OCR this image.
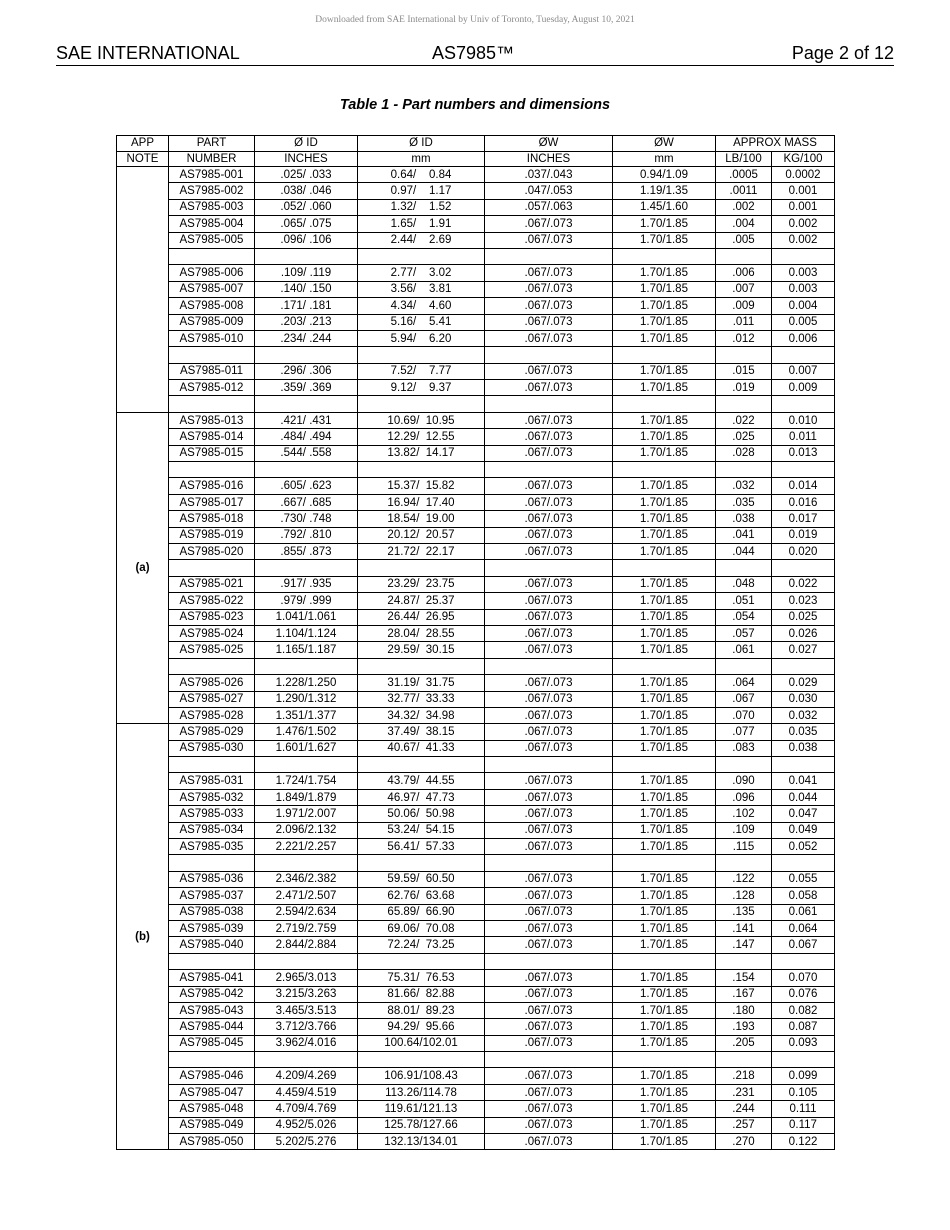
Downloaded from SAE International by Univ of Toronto, Tuesday, August 10, 2021
SAE INTERNATIONAL	AS7985™	Page 2 of 12
Table 1 - Part numbers and dimensions
APP	PART	Ø ID	Ø ID	ØW	ØW	APPROX MASS	
NOTE	NUMBER	INCHES	mm	INCHES	mm	LB/100	KG/100
	AS7985-001	.025/ .033	0.64/    0.84	.037/.043	0.94/1.09	.0005	0.0002
	AS7985-002	.038/ .046	0.97/    1.17	.047/.053	1.19/1.35	.0011	0.001
	AS7985-003	.052/ .060	1.32/    1.52	.057/.063	1.45/1.60	.002	0.001
	AS7985-004	.065/ .075	1.65/    1.91	.067/.073	1.70/1.85	.004	0.002
	AS7985-005	.096/ .106	2.44/    2.69	.067/.073	1.70/1.85	.005	0.002

	AS7985-006	.109/ .119	2.77/    3.02	.067/.073	1.70/1.85	.006	0.003
	AS7985-007	.140/ .150	3.56/    3.81	.067/.073	1.70/1.85	.007	0.003
	AS7985-008	.171/ .181	4.34/    4.60	.067/.073	1.70/1.85	.009	0.004
	AS7985-009	.203/ .213	5.16/    5.41	.067/.073	1.70/1.85	.011	0.005
	AS7985-010	.234/ .244	5.94/    6.20	.067/.073	1.70/1.85	.012	0.006

	AS7985-011	.296/ .306	7.52/    7.77	.067/.073	1.70/1.85	.015	0.007
	AS7985-012	.359/ .369	9.12/    9.37	.067/.073	1.70/1.85	.019	0.009

(a)	AS7985-013	.421/ .431	10.69/  10.95	.067/.073	1.70/1.85	.022	0.010
	AS7985-014	.484/ .494	12.29/  12.55	.067/.073	1.70/1.85	.025	0.011
	AS7985-015	.544/ .558	13.82/  14.17	.067/.073	1.70/1.85	.028	0.013

	AS7985-016	.605/ .623	15.37/  15.82	.067/.073	1.70/1.85	.032	0.014
	AS7985-017	.667/ .685	16.94/  17.40	.067/.073	1.70/1.85	.035	0.016
	AS7985-018	.730/ .748	18.54/  19.00	.067/.073	1.70/1.85	.038	0.017
	AS7985-019	.792/ .810	20.12/  20.57	.067/.073	1.70/1.85	.041	0.019
	AS7985-020	.855/ .873	21.72/  22.17	.067/.073	1.70/1.85	.044	0.020

	AS7985-021	.917/ .935	23.29/  23.75	.067/.073	1.70/1.85	.048	0.022
	AS7985-022	.979/ .999	24.87/  25.37	.067/.073	1.70/1.85	.051	0.023
	AS7985-023	1.041/1.061	26.44/  26.95	.067/.073	1.70/1.85	.054	0.025
	AS7985-024	1.104/1.124	28.04/  28.55	.067/.073	1.70/1.85	.057	0.026
	AS7985-025	1.165/1.187	29.59/  30.15	.067/.073	1.70/1.85	.061	0.027

	AS7985-026	1.228/1.250	31.19/  31.75	.067/.073	1.70/1.85	.064	0.029
	AS7985-027	1.290/1.312	32.77/  33.33	.067/.073	1.70/1.85	.067	0.030
	AS7985-028	1.351/1.377	34.32/  34.98	.067/.073	1.70/1.85	.070	0.032
(b)	AS7985-029	1.476/1.502	37.49/  38.15	.067/.073	1.70/1.85	.077	0.035
	AS7985-030	1.601/1.627	40.67/  41.33	.067/.073	1.70/1.85	.083	0.038

	AS7985-031	1.724/1.754	43.79/  44.55	.067/.073	1.70/1.85	.090	0.041
	AS7985-032	1.849/1.879	46.97/  47.73	.067/.073	1.70/1.85	.096	0.044
	AS7985-033	1.971/2.007	50.06/  50.98	.067/.073	1.70/1.85	.102	0.047
	AS7985-034	2.096/2.132	53.24/  54.15	.067/.073	1.70/1.85	.109	0.049
	AS7985-035	2.221/2.257	56.41/  57.33	.067/.073	1.70/1.85	.115	0.052

	AS7985-036	2.346/2.382	59.59/  60.50	.067/.073	1.70/1.85	.122	0.055
	AS7985-037	2.471/2.507	62.76/  63.68	.067/.073	1.70/1.85	.128	0.058
	AS7985-038	2.594/2.634	65.89/  66.90	.067/.073	1.70/1.85	.135	0.061
	AS7985-039	2.719/2.759	69.06/  70.08	.067/.073	1.70/1.85	.141	0.064
	AS7985-040	2.844/2.884	72.24/  73.25	.067/.073	1.70/1.85	.147	0.067

	AS7985-041	2.965/3.013	75.31/  76.53	.067/.073	1.70/1.85	.154	0.070
	AS7985-042	3.215/3.263	81.66/  82.88	.067/.073	1.70/1.85	.167	0.076
	AS7985-043	3.465/3.513	88.01/  89.23	.067/.073	1.70/1.85	.180	0.082
	AS7985-044	3.712/3.766	94.29/  95.66	.067/.073	1.70/1.85	.193	0.087
	AS7985-045	3.962/4.016	100.64/102.01	.067/.073	1.70/1.85	.205	0.093

	AS7985-046	4.209/4.269	106.91/108.43	.067/.073	1.70/1.85	.218	0.099
	AS7985-047	4.459/4.519	113.26/114.78	.067/.073	1.70/1.85	.231	0.105
	AS7985-048	4.709/4.769	119.61/121.13	.067/.073	1.70/1.85	.244	0.111
	AS7985-049	4.952/5.026	125.78/127.66	.067/.073	1.70/1.85	.257	0.117
	AS7985-050	5.202/5.276	132.13/134.01	.067/.073	1.70/1.85	.270	0.122
